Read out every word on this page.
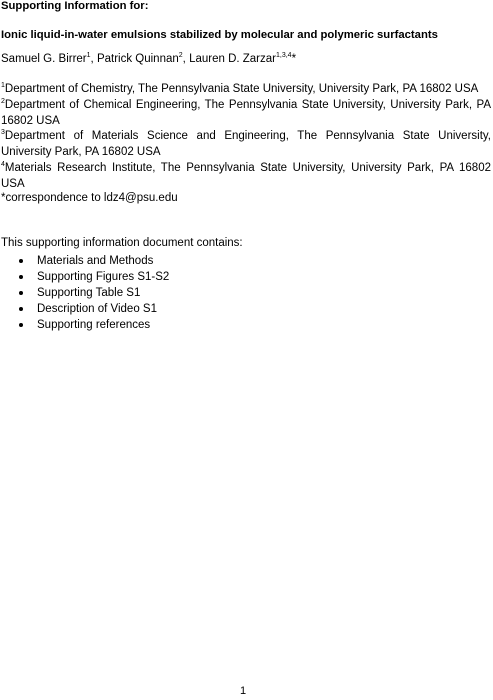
Supporting Information for:
Ionic liquid-in-water emulsions stabilized by molecular and polymeric surfactants
Samuel G. Birrer$^1$, Patrick Quinnan$^2$, Lauren D. Zarzar$^{1,3,4}$*
$^1$Department of Chemistry, The Pennsylvania State University, University Park, PA 16802 USA
$^2$Department of Chemical Engineering, The Pennsylvania State University, University Park, PA 16802 USA
$^3$Department of Materials Science and Engineering, The Pennsylvania State University, University Park, PA 16802 USA
$^4$Materials Research Institute, The Pennsylvania State University, University Park, PA 16802 USA
*correspondence to ldz4@psu.edu
This supporting information document contains:
Materials and Methods
Supporting Figures S1-S2
Supporting Table S1
Description of Video S1
Supporting references
1
